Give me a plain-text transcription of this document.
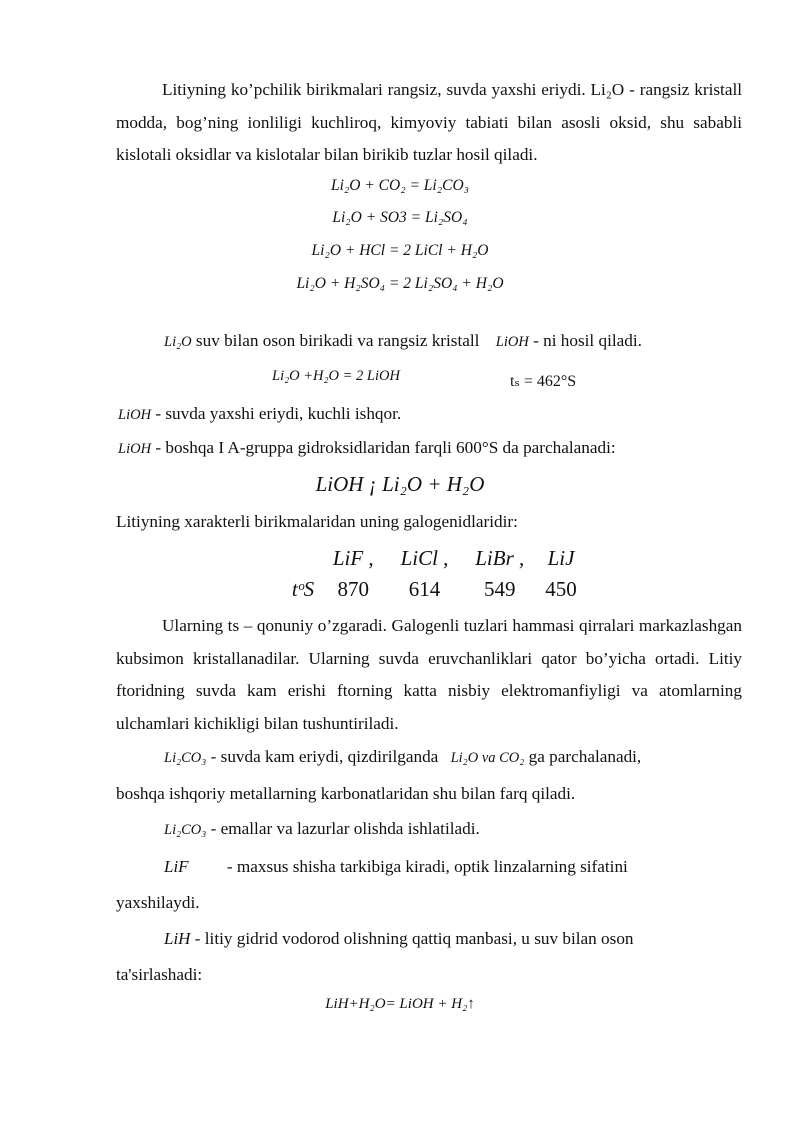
Litiyning ko’pchilik birikmalari rangsiz, suvda yaxshi eriydi. Li₂O - rangsiz kristall modda, bog’ning ionliligi kuchliroq, kimyoviy tabiati bilan asosli oksid, shu sababli kislotali oksidlar va kislotalar bilan birikib tuzlar hosil qiladi.

Li₂O + CO₂ = Li₂CO₃

Li₂O + SO3 = Li₂SO₄

Li₂O + HCl = 2 LiCl + H₂O

Li₂O + H₂SO₄ = 2 Li₂SO₄ + H₂O

Li₂O suv bilan oson birikadi va rangsiz kristall LiOH - ni hosil qiladi.

Li₂O +H₂O = 2 LiOH	tₛ = 462°S

LiOH - suvda yaxshi eriydi, kuchli ishqor.

LiOH - boshqa I A-gruppa gidroksidlaridan farqli 600°S da parchalanadi:

LiOH ¡ Li₂O + H₂O

Litiyning xarakterli birikmalaridan uning galogenidlaridir:

LiF , LiCl , LiBr , LiJ
tᵒS 870 614 549 450

Ularning ts – qonuniy o’zgaradi. Galogenli tuzlari hammasi qirralari markazlashgan kubsimon kristallanadilar. Ularning suvda eruvchanliklari qator bo’yicha ortadi. Litiy ftoridning suvda kam erishi ftorning katta nisbiy elektromanfiyligi va atomlarning ulchamlari kichikligi bilan tushuntiriladi.

Li₂CO₃ - suvda kam eriydi, qizdirilganda Li₂O va CO₂ ga parchalanadi,

boshqa ishqoriy metallarning karbonatlaridan shu bilan farq qiladi.

Li₂CO₃ - emallar va lazurlar olishda ishlatiladi.

LiF - maxsus shisha tarkibiga kiradi, optik linzalarning sifatini

yaxshilaydi.

LiH - litiy gidrid vodorod olishning qattiq manbasi, u suv bilan oson

ta'sirlashadi:

LiH+H₂O= LiOH + H₂↑
